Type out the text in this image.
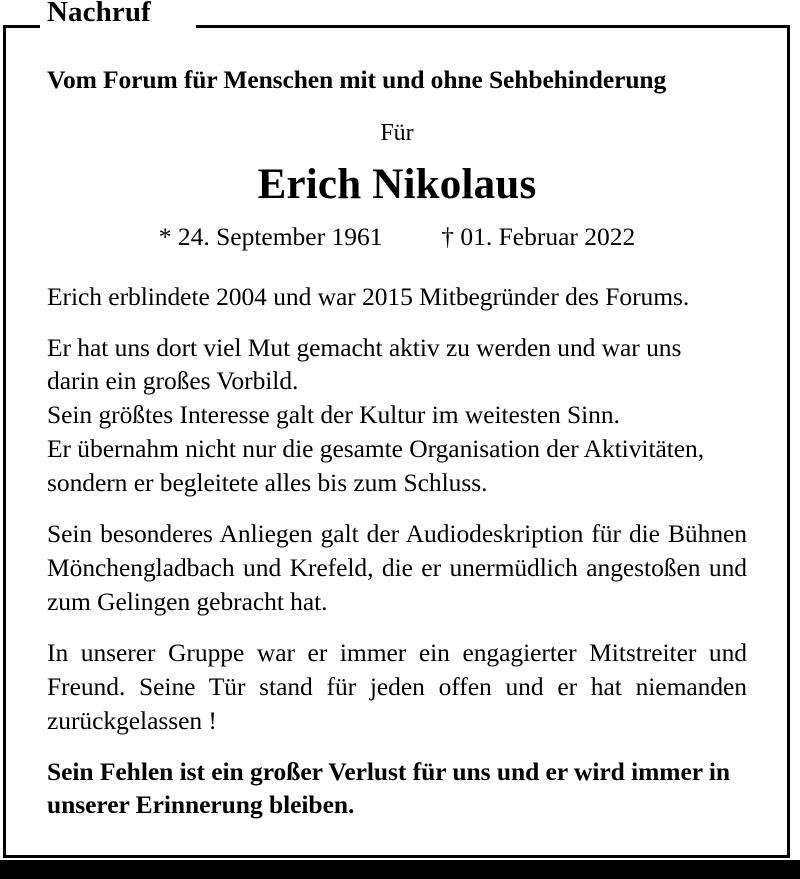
Nachruf

Vom Forum für Menschen mit und ohne Sehbehinderung

Für

Erich Nikolaus

* 24. September 1961 † 01. Februar 2022

Erich erblindete 2004 und war 2015 Mitbegründer des Forums.

Er hat uns dort viel Mut gemacht aktiv zu werden und war uns
darin ein großes Vorbild.
Sein größtes Interesse galt der Kultur im weitesten Sinn.
Er übernahm nicht nur die gesamte Organisation der Aktivitäten,
sondern er begleitete alles bis zum Schluss.

Sein besonderes Anliegen galt der Audiodeskription für die Bühnen Mönchengladbach und Krefeld, die er unermüdlich angestoßen und zum Gelingen gebracht hat.

In unserer Gruppe war er immer ein engagierter Mitstreiter und Freund. Seine Tür stand für jeden offen und er hat niemanden zurückgelassen !

Sein Fehlen ist ein großer Verlust für uns und er wird immer in unserer Erinnerung bleiben.
